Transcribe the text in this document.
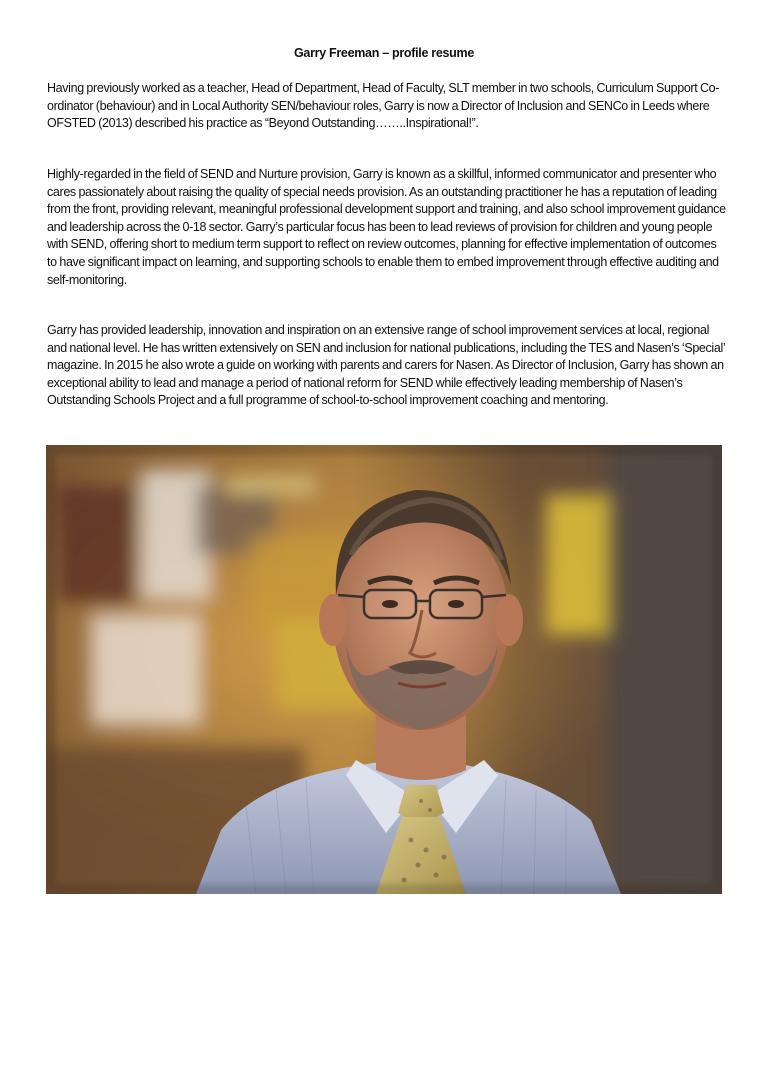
Garry Freeman – profile resume
Having previously worked as a teacher, Head of Department, Head of Faculty, SLT member in two schools, Curriculum Support Co-ordinator (behaviour) and in Local Authority SEN/behaviour roles, Garry is now a Director of Inclusion and SENCo in Leeds where OFSTED (2013) described his practice as “Beyond Outstanding……..Inspirational!”.
Highly-regarded in the field of SEND and Nurture provision, Garry is known as a skillful, informed communicator and presenter who cares passionately about raising the quality of special needs provision. As an outstanding practitioner he has a reputation of leading from the front, providing relevant, meaningful professional development support and training, and also school improvement guidance and leadership across the 0-18 sector. Garry’s particular focus has been to lead reviews of provision for children and young people with SEND, offering short to medium term support to reflect on review outcomes, planning for effective implementation of outcomes to have significant impact on learning, and supporting schools to enable them to embed improvement through effective auditing and self-monitoring.
Garry has provided leadership, innovation and inspiration on an extensive range of school improvement services at local, regional and national level. He has written extensively on SEN and inclusion for national publications, including the TES and Nasen’s ‘Special’ magazine. In 2015 he also wrote a guide on working with parents and carers for Nasen. As Director of Inclusion, Garry has shown an exceptional ability to lead and manage a period of national reform for SEND while effectively leading membership of Nasen’s Outstanding Schools Project and a full programme of school-to-school improvement coaching and mentoring.
